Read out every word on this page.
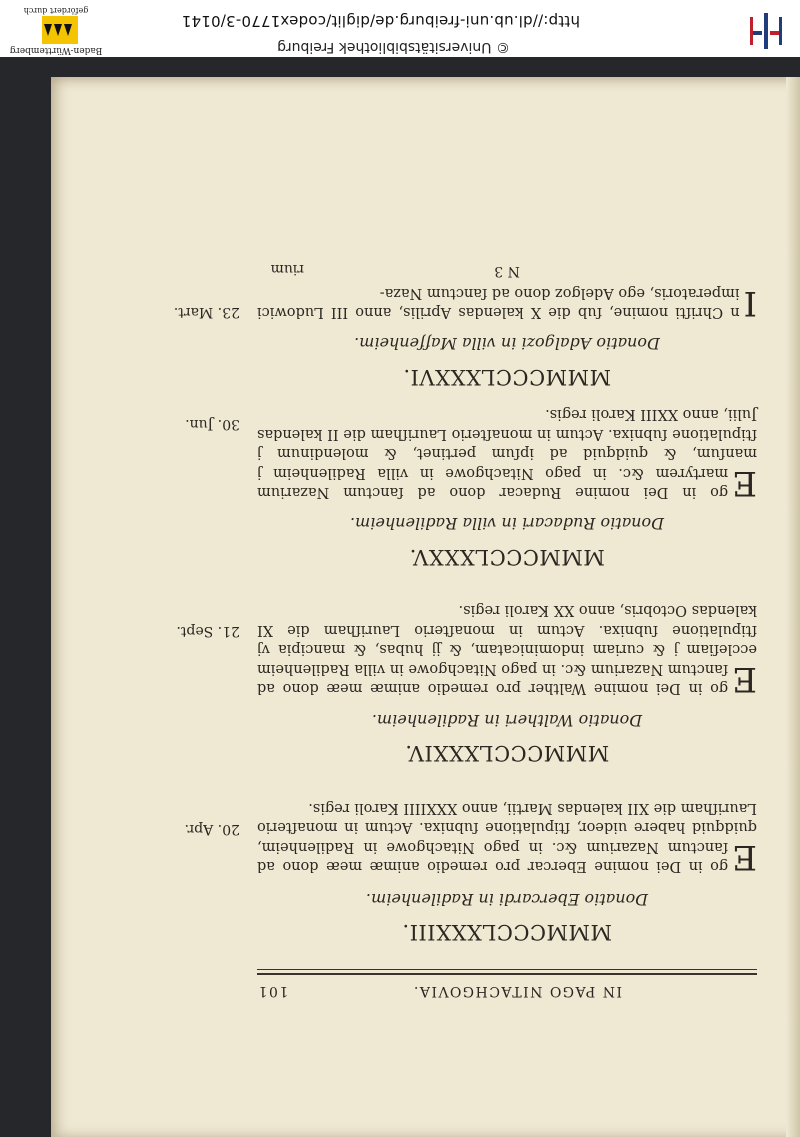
IN PAGO NITACHGOVIA.
101
MMMCCCLXXXIII.
Donatio Ebercardi in Radilenheim.
E
go in Dei nomine Ebercar pro remedio animæ meæ dono ad ſanctum Nazarium &c. in pago Nitachgowe in Radilenheim, quidquid habere uideor, ſtipulatione ſubnixa. Actum in monaſterio Lauriſham die XII kalendas Martii, anno XXXIIII Karoli regis.
20. Apr.
MMMCCCLXXXIV.
Donatio Waltheri in Radilenheim.
E
go in Dei nomine Walther pro remedio animæ meæ dono ad ſanctum Nazarium &c. in pago Nitachgowe in villa Radilenheim eccleſiam j & curiam indominicatam, & jj hubas, & mancipia vj ſtipulatione ſubnixa. Actum in monaſterio Lauriſham die XI kalendas Octobris, anno XX Karoli regis.
21. Sept.
MMMCCCLXXXV.
Donatio Rudacari in villa Radilenheim.
E
go in Dei nomine Rudacar dono ad ſanctum Nazarium martyrem &c. in pago Nitachgowe in villa Radilenheim j manſum, & quidquid ad ipſum pertinet, & molendinum j ſtipulatione ſubnixa. Actum in monaſterio Lauriſham die II kalendas Julii, anno XXIII Karoli regis.
30. Jun.
MMMCCCLXXXVI.
Donatio Adalgozi in villa Maſſenheim.
I
n Chriſti nomine, ſub die X kalendas Aprilis, anno III Ludowici imperatoris, ego Adelgoz dono ad ſanctum Naza-
23. Mart.
N 3
rium
http://dl.ub.uni-freiburg.de/diglit/codex1770-3/0141
© Universitätsbibliothek Freiburg
gefördert durch
Baden-Württemberg
